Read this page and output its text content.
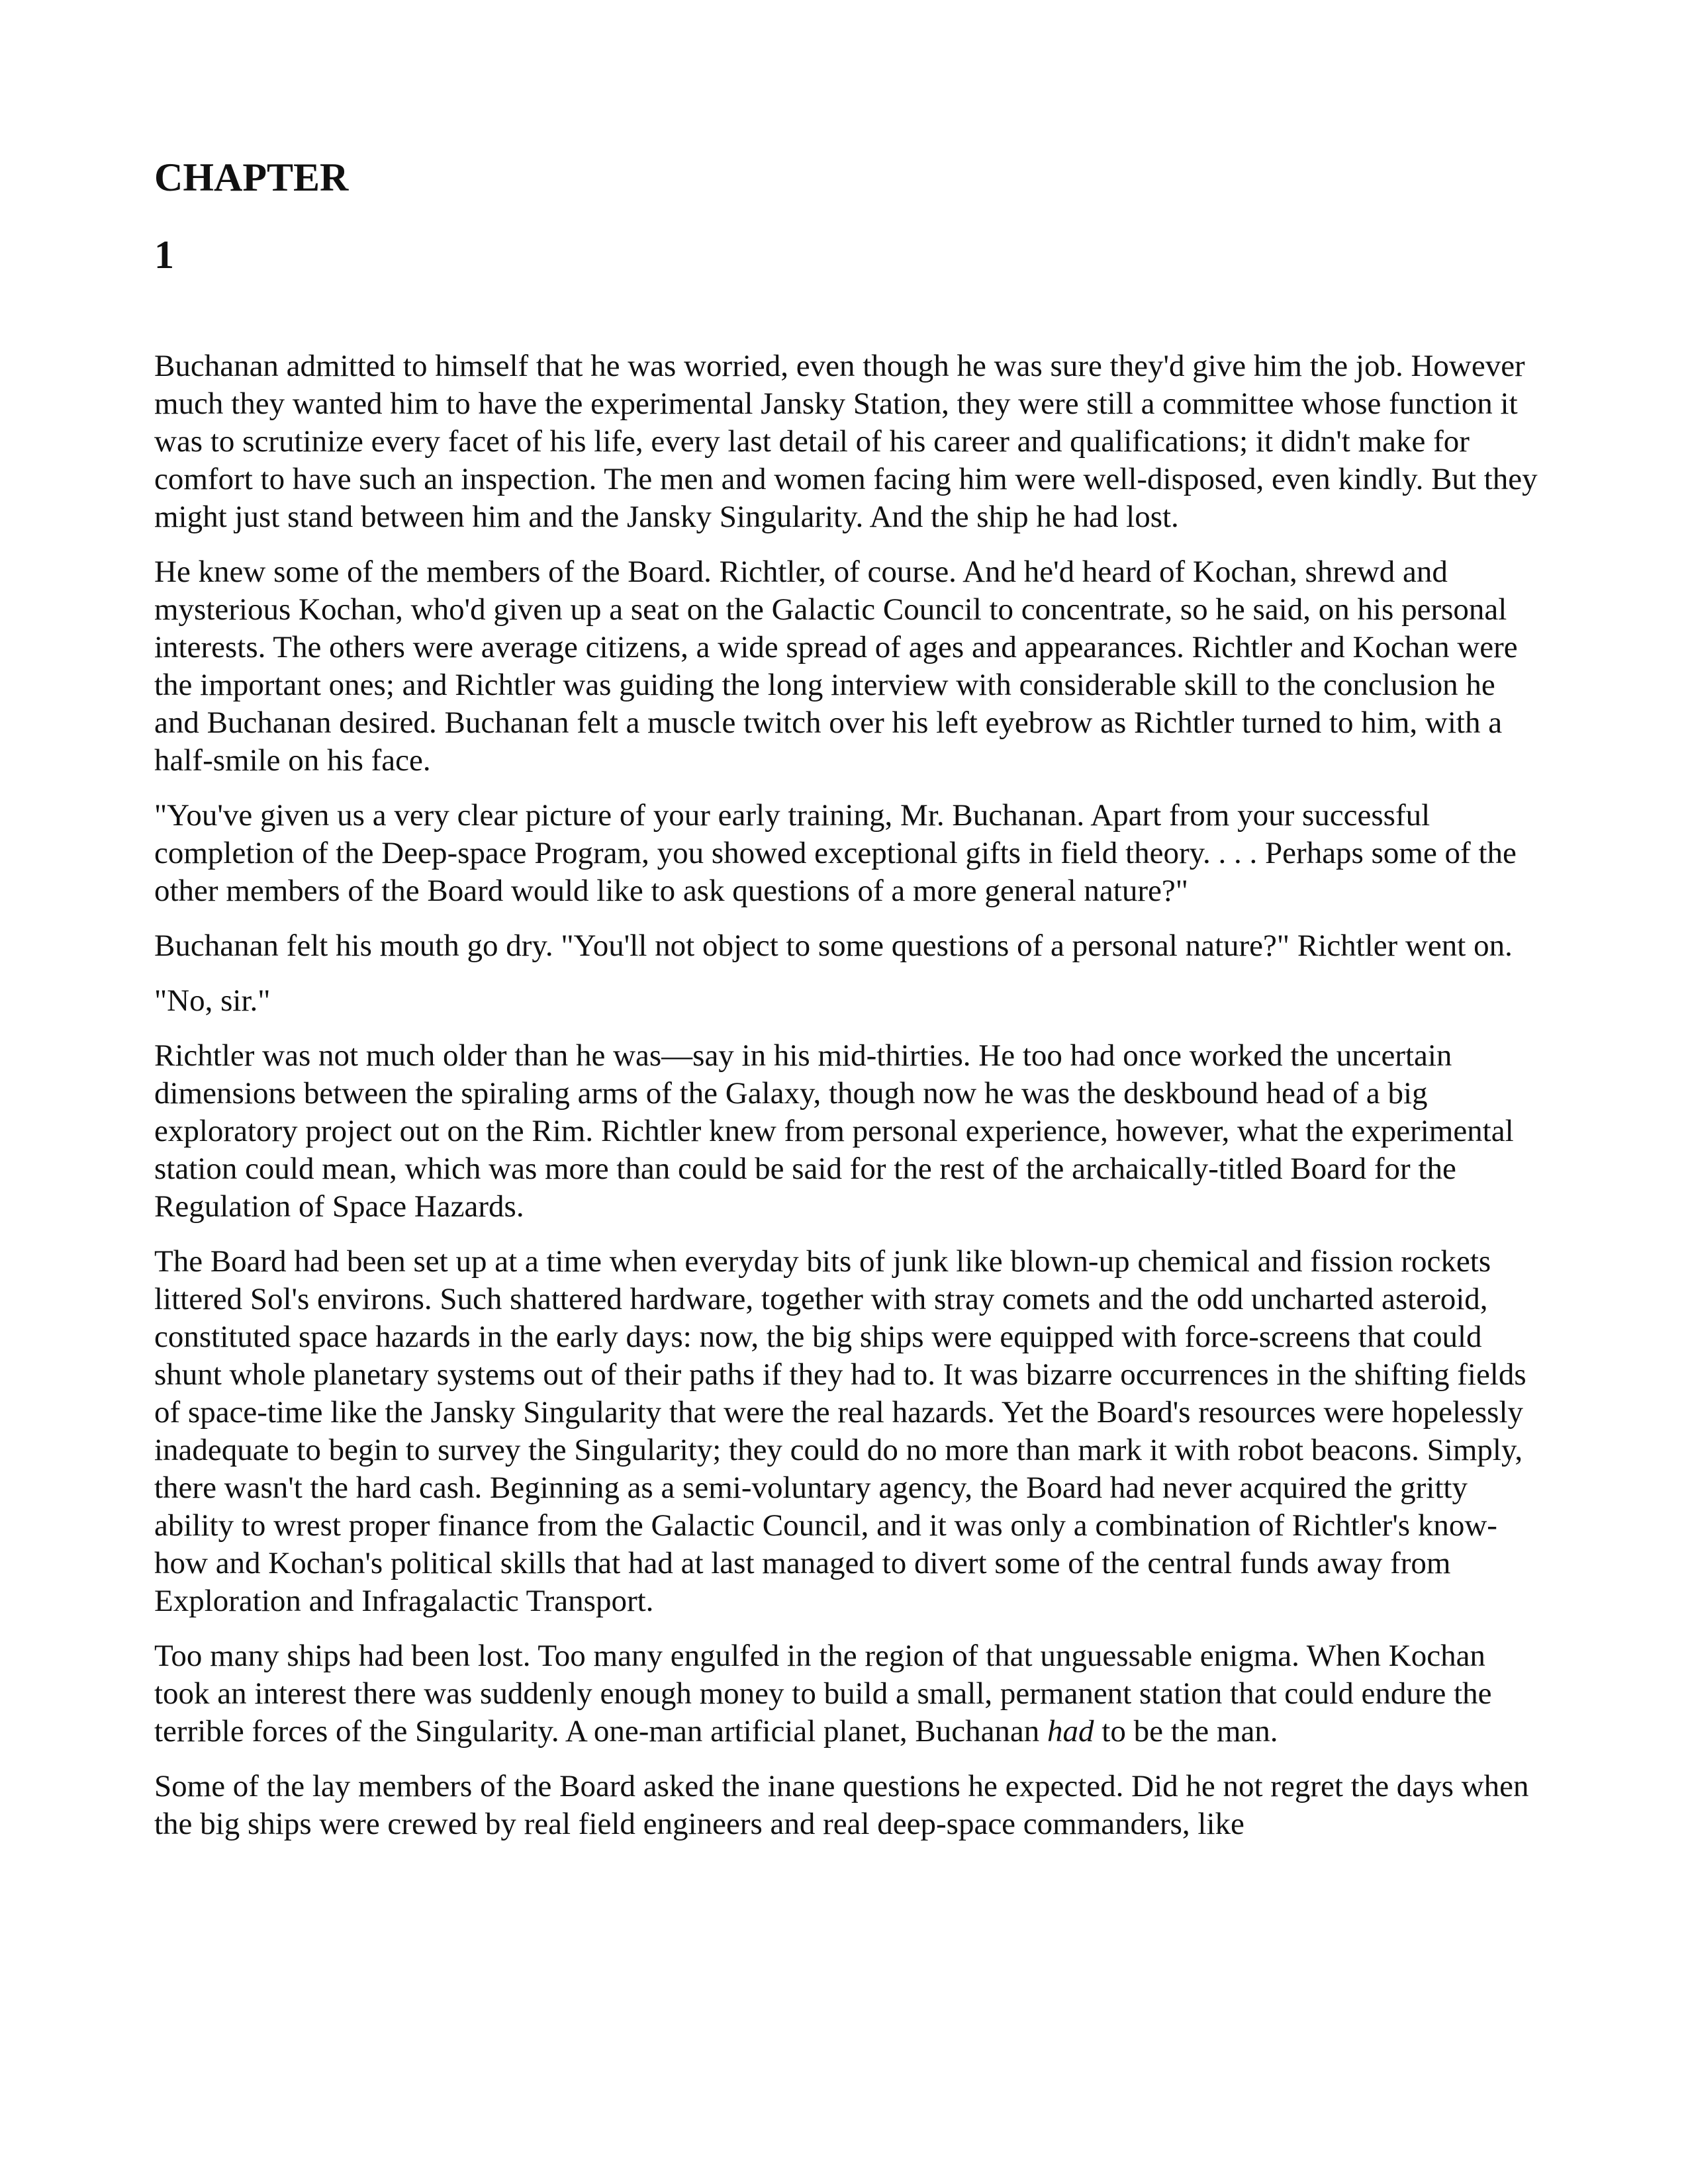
CHAPTER
1

Buchanan admitted to himself that he was worried, even though he was sure they'd give him the job. However much they wanted him to have the experimental Jansky Station, they were still a committee whose function it was to scrutinize every facet of his life, every last detail of his career and qualifications; it didn't make for comfort to have such an inspection. The men and women facing him were well-disposed, even kindly. But they might just stand between him and the Jansky Singularity. And the ship he had lost.

He knew some of the members of the Board. Richtler, of course. And he'd heard of Kochan, shrewd and mysterious Kochan, who'd given up a seat on the Galactic Council to concentrate, so he said, on his personal interests. The others were average citizens, a wide spread of ages and appearances. Richtler and Kochan were the important ones; and Richtler was guiding the long interview with considerable skill to the conclusion he and Buchanan desired. Buchanan felt a muscle twitch over his left eyebrow as Richtler turned to him, with a half-smile on his face.

"You've given us a very clear picture of your early training, Mr. Buchanan. Apart from your successful completion of the Deep-space Program, you showed exceptional gifts in field theory. . . . Perhaps some of the other members of the Board would like to ask questions of a more general nature?"

Buchanan felt his mouth go dry. "You'll not object to some questions of a personal nature?" Richtler went on.

"No, sir."

Richtler was not much older than he was—say in his mid-thirties. He too had once worked the uncertain dimensions between the spiraling arms of the Galaxy, though now he was the deskbound head of a big exploratory project out on the Rim. Richtler knew from personal experience, however, what the experimental station could mean, which was more than could be said for the rest of the archaically-titled Board for the Regulation of Space Hazards.

The Board had been set up at a time when everyday bits of junk like blown-up chemical and fission rockets littered Sol's environs. Such shattered hardware, together with stray comets and the odd uncharted asteroid, constituted space hazards in the early days: now, the big ships were equipped with force-screens that could shunt whole planetary systems out of their paths if they had to. It was bizarre occurrences in the shifting fields of space-time like the Jansky Singularity that were the real hazards. Yet the Board's resources were hopelessly inadequate to begin to survey the Singularity; they could do no more than mark it with robot beacons. Simply, there wasn't the hard cash. Beginning as a semi-voluntary agency, the Board had never acquired the gritty ability to wrest proper finance from the Galactic Council, and it was only a combination of Richtler's know-how and Kochan's political skills that had at last managed to divert some of the central funds away from Exploration and Infragalactic Transport.

Too many ships had been lost. Too many engulfed in the region of that unguessable enigma. When Kochan took an interest there was suddenly enough money to build a small, permanent station that could endure the terrible forces of the Singularity. A one-man artificial planet, Buchanan had to be the man.

Some of the lay members of the Board asked the inane questions he expected. Did he not regret the days when the big ships were crewed by real field engineers and real deep-space commanders, like
